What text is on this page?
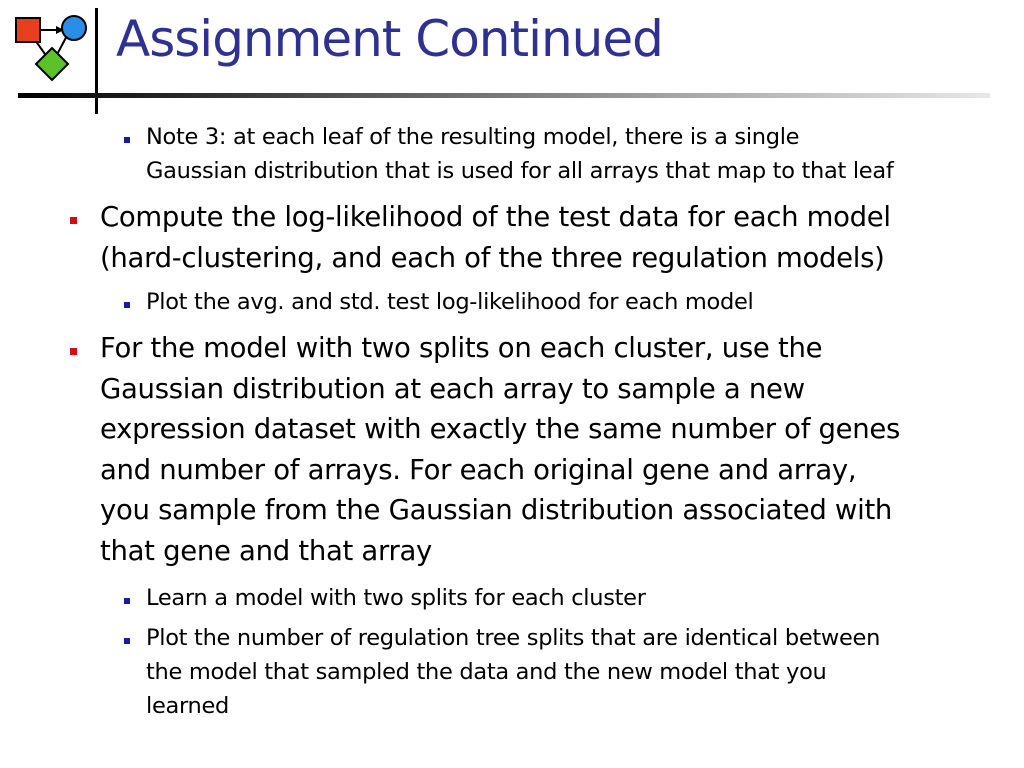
Assignment Continued
Note 3: at each leaf of the resulting model, there is a single
Gaussian distribution that is used for all arrays that map to that leaf
Compute the log-likelihood of the test data for each model
(hard-clustering, and each of the three regulation models)
Plot the avg. and std. test log-likelihood for each model
For the model with two splits on each cluster, use the
Gaussian distribution at each array to sample a new
expression dataset with exactly the same number of genes
and number of arrays. For each original gene and array,
you sample from the Gaussian distribution associated with
that gene and that array
Learn a model with two splits for each cluster
Plot the number of regulation tree splits that are identical between
the model that sampled the data and the new model that you
learned
